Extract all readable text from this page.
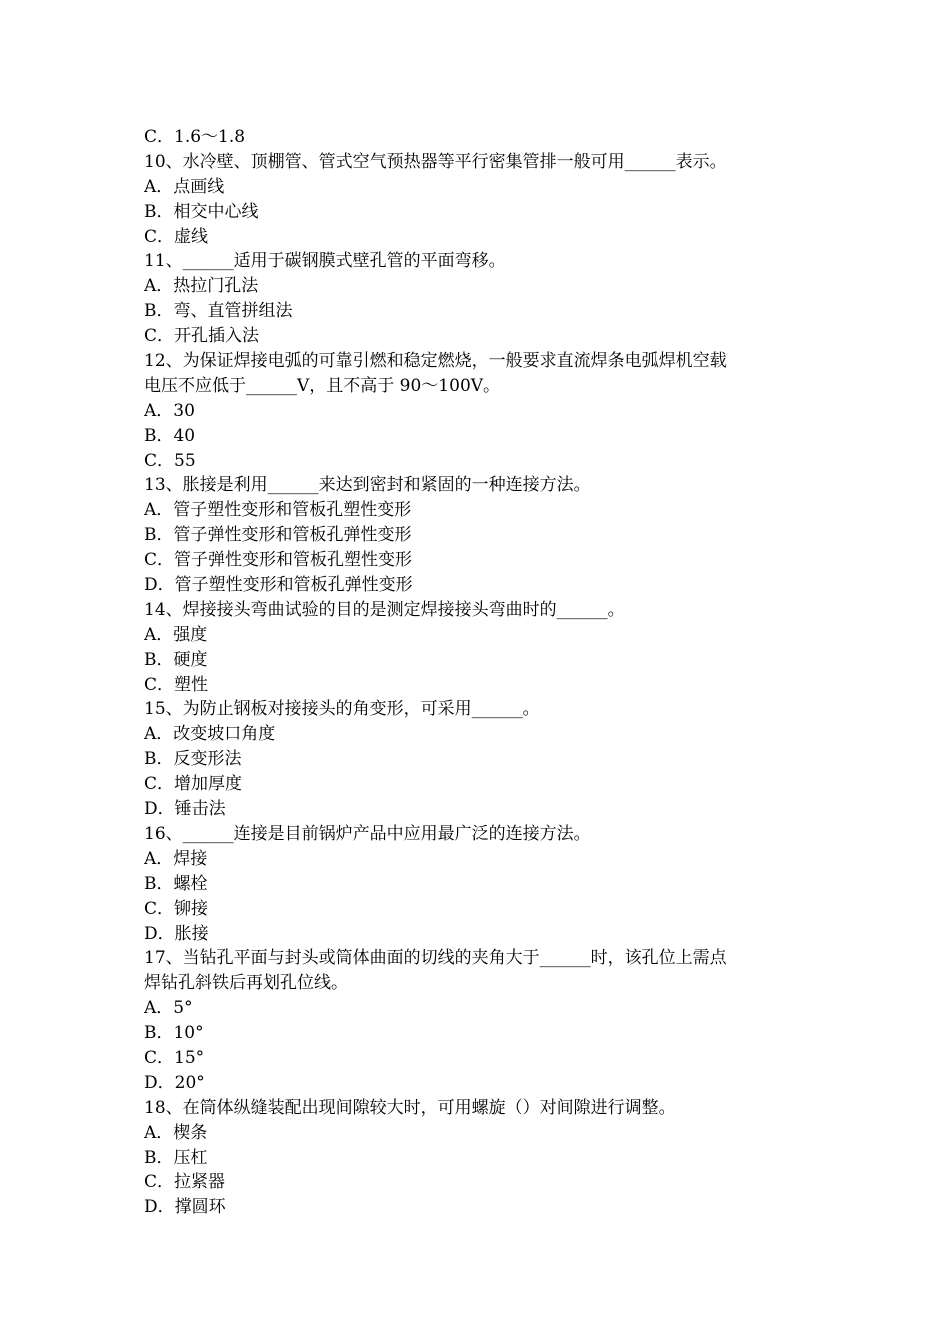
C．1.6～1.8
10、水冷壁、顶棚管、管式空气预热器等平行密集管排一般可用______表示。
A．点画线
B．相交中心线
C．虚线
11、______适用于碳钢膜式壁孔管的平面弯移。
A．热拉门孔法
B．弯、直管拼组法
C．开孔插入法
12、为保证焊接电弧的可靠引燃和稳定燃烧，一般要求直流焊条电弧焊机空载
电压不应低于______V，且不高于 90～100V。
A．30
B．40
C．55
13、胀接是利用______来达到密封和紧固的一种连接方法。
A．管子塑性变形和管板孔塑性变形
B．管子弹性变形和管板孔弹性变形
C．管子弹性变形和管板孔塑性变形
D．管子塑性变形和管板孔弹性变形
14、焊接接头弯曲试验的目的是测定焊接接头弯曲时的______。
A．强度
B．硬度
C．塑性
15、为防止钢板对接接头的角变形，可采用______。
A．改变坡口角度
B．反变形法
C．增加厚度
D．锤击法
16、______连接是目前锅炉产品中应用最广泛的连接方法。
A．焊接
B．螺栓
C．铆接
D．胀接
17、当钻孔平面与封头或筒体曲面的切线的夹角大于______时，该孔位上需点
焊钻孔斜铁后再划孔位线。
A．5°
B．10°
C．15°
D．20°
18、在筒体纵缝装配出现间隙较大时，可用螺旋（）对间隙进行调整。
A．楔条
B．压杠
C．拉紧器
D．撑圆环
